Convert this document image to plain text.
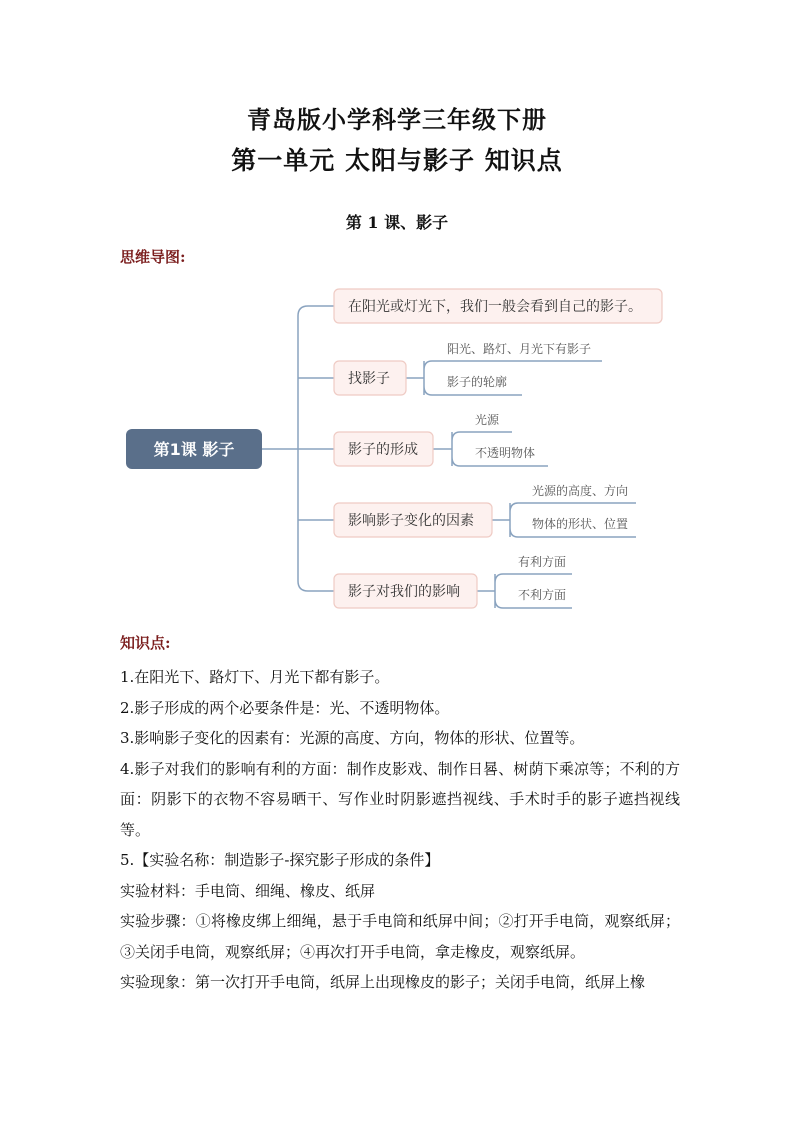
青岛版小学科学三年级下册
第一单元 太阳与影子 知识点
第 1 课、影子
思维导图:
第1课 影子
在阳光或灯光下，我们一般会看到自己的影子。
找影子
阳光、路灯、月光下有影子
影子的轮廓
影子的形成
光源
不透明物体
影响影子变化的因素
光源的高度、方向
物体的形状、位置
影子对我们的影响
有利方面
不利方面
知识点:

1.在阳光下、路灯下、月光下都有影子。

2.影子形成的两个必要条件是：光、不透明物体。

3.影响影子变化的因素有：光源的高度、方向，物体的形状、位置等。

4.影子对我们的影响有利的方面：制作皮影戏、制作日晷、树荫下乘凉等；不利的方面：阴影下的衣物不容易晒干、写作业时阴影遮挡视线、手术时手的影子遮挡视线等。

5.【实验名称：制造影子-探究影子形成的条件】

实验材料：手电筒、细绳、橡皮、纸屏

实验步骤：①将橡皮绑上细绳，悬于手电筒和纸屏中间；②打开手电筒，观察纸屏；③关闭手电筒，观察纸屏；④再次打开手电筒，拿走橡皮，观察纸屏。

实验现象：第一次打开手电筒，纸屏上出现橡皮的影子；关闭手电筒，纸屏上橡
